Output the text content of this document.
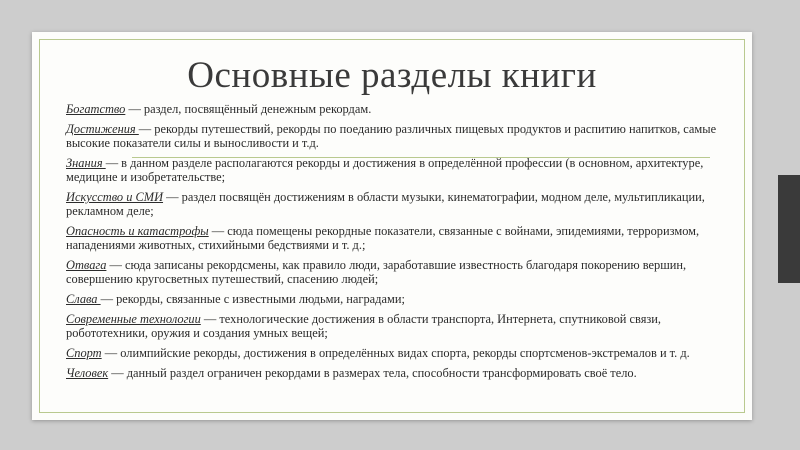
Основные разделы книги
Богатство — раздел, посвящённый денежным рекордам.
Достижения — рекорды путешествий, рекорды по поеданию различных пищевых продуктов и распитию напитков, самые высокие показатели силы и выносливости и т.д.
Знания — в данном разделе располагаются рекорды и достижения в определённой профессии (в основном, архитектуре, медицине и изобретательстве;
Искусство и СМИ — раздел посвящён достижениям в области музыки, кинематографии, модном деле, мультипликации, рекламном деле;
Опасность и катастрофы — сюда помещены рекордные показатели, связанные с войнами, эпидемиями, терроризмом, нападениями животных, стихийными бедствиями и т. д.;
Отвага — сюда записаны рекордсмены, как правило люди, заработавшие известность благодаря покорению вершин, совершению кругосветных путешествий, спасению людей;
Слава — рекорды, связанные с известными людьми, наградами;
Современные технологии — технологические достижения в области транспорта, Интернета, спутниковой связи, робототехники, оружия и создания умных вещей;
Спорт — олимпийские рекорды, достижения в определённых видах спорта, рекорды спортсменов-экстремалов и т. д.
Человек — данный раздел ограничен рекордами в размерах тела, способности трансформировать своё тело.
